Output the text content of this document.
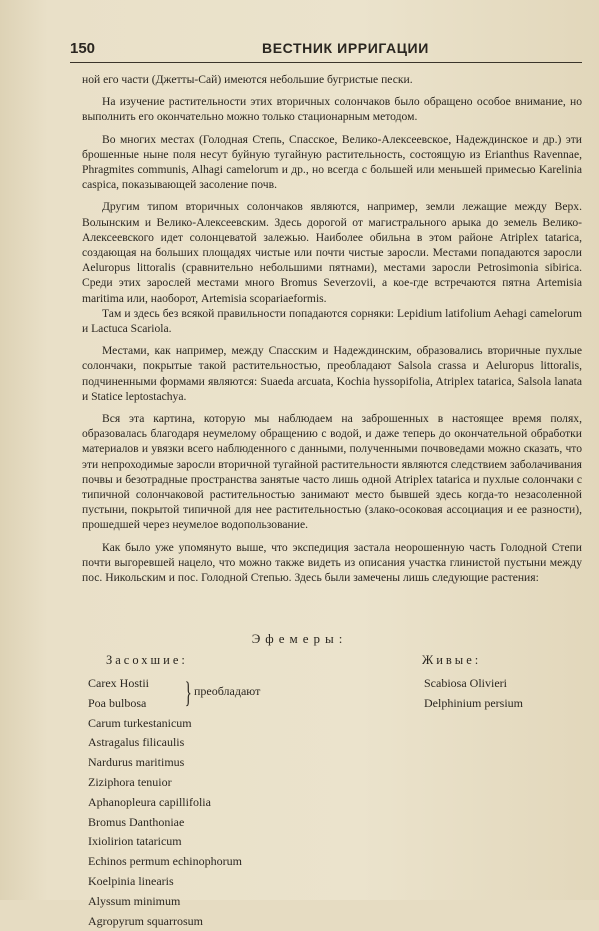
150	ВЕСТНИК ИРРИГАЦИИ

ной его части (Джетты-Сай) имеются небольшие бугристые пески.

На изучение растительности этих вторичных солончаков было обращено особое внимание, но выполнить его окончательно можно только стационарным методом.

Во многих местах (Голодная Степь, Спасское, Велико-Алексеевское, Надеждинское и др.) эти брошенные ныне поля несут буйную тугайную растительность, состоящую из Erianthus Ravennae, Phragmites communis, Alhagi camelorum и др., но всегда с большей или меньшей примесью Karelinia caspica, показывающей засоление почв.

Другим типом вторичных солончаков являются, например, земли лежащие между Верх. Волынским и Велико-Алексеевским. Здесь дорогой от магистрального арыка до земель Велико-Алексеевского идет солонцеватой залежью. Наиболее обильна в этом районе Atriplex tatarica, создающая на больших площадях чистые или почти чистые заросли. Местами попадаются заросли Aeluropus littoralis (сравнительно небольшими пятнами), местами заросли Petrosimonia sibirica. Среди этих зарослей местами много Bromus Severzovii, а кое-где встречаются пятна Artemisia maritima или, наоборот, Artemisia scopariaeformis.

Там и здесь без всякой правильности попадаются сорняки: Lepidium latifolium Aehagi camelorum и Lactuca Scariola.

Местами, как например, между Спасским и Надеждинским, образовались вторичные пухлые солончаки, покрытые такой растительностью, преобладают Salsola crassa и Aeluropus littoralis, подчиненными формами являются: Suaeda arcuata, Kochia hyssopifolia, Atriplex tatarica, Salsola lanata и Statice leptostachya.

Вся эта картина, которую мы наблюдаем на заброшенных в настоящее время полях, образовалась благодаря неумелому обращению с водой, и даже теперь до окончательной обработки материалов и увязки всего наблюденного с данными, полученными почвоведами можно сказать, что эти непроходимые заросли вторичной тугайной растительности являются следствием заболачивания почвы и безотрадные пространства занятые часто лишь одной Atriplex tatarica и пухлые солончаки с типичной солончаковой растительностью занимают место бывшей здесь когда-то незасоленной пустыни, покрытой типичной для нее растительностью (злако-осоковая ассоциация и ее разности), прошедшей через неумелое водопользование.

Как было уже упомянуто выше, что экспедиция застала неорошенную часть Голодной Степи почти выгоревшей нацело, что можно также видеть из описания участка глинистой пустыни между пос. Никольским и пос. Голодной Степью. Здесь были замечены лишь следующие растения:

Эфемеры:
Засохшие:	Живые:
Carex Hostii
Poa bulbosa
Carum turkestanicum
Astragalus filicaulis
Nardurus maritimus
Ziziphora tenuior
Aphanopleura capillifolia
Bromus Danthoniae
Ixiolirion tataricum
Echinos permum echinophorum
Koelpinia linearis
Alyssum minimum
Agropyrum squarrosum
} преобладают
Scabiosa Olivieri
Delphinium persium
